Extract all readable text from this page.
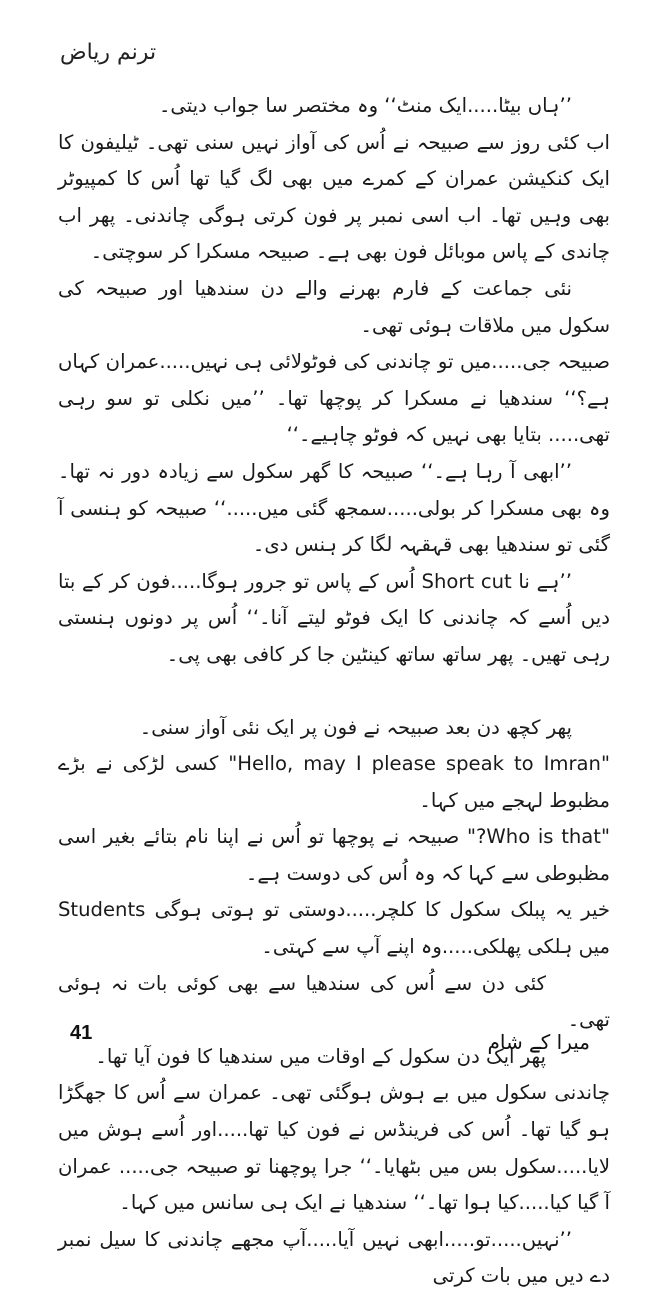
ترنم ریاض

’’ہاں بیٹا.....ایک منٹ‘‘ وہ مختصر سا جواب دیتی۔

اب کئی روز سے صبیحہ نے اُس کی آواز نہیں سنی تھی۔ ٹیلیفون کا ایک کنکیشن عمران کے کمرے میں بھی لگ گیا تھا اُس کا کمپیوٹر بھی وہیں تھا۔ اب اسی نمبر پر فون کرتی ہوگی چاندنی۔ پھر اب چاندی کے پاس موبائل فون بھی ہے۔ صبیحہ مسکرا کر سوچتی۔

نئی جماعت کے فارم بھرنے والے دن سندھیا اور صبیحہ کی سکول میں ملاقات ہوئی تھی۔

صبیحہ جی.....میں تو چاندنی کی فوٹولائی ہی نہیں.....عمران کہاں ہے؟‘‘ سندھیا نے مسکرا کر پوچھا تھا۔ ’’میں نکلی تو سو رہی تھی..... بتایا بھی نہیں کہ فوٹو چاہیے۔‘‘

’’ابھی آ رہا ہے۔‘‘ صبیحہ کا گھر سکول سے زیادہ دور نہ تھا۔ وہ بھی مسکرا کر بولی.....سمجھ گئی میں.....‘‘ صبیحہ کو ہنسی آ گئی تو سندھیا بھی قہقہہ لگا کر ہنس دی۔

’’ہے نا Short cut اُس کے پاس تو جرور ہوگا.....فون کر کے بتا دیں اُسے کہ چاندنی کا ایک فوٹو لیتے آنا۔‘‘ اُس پر دونوں ہنستی رہی تھیں۔ پھر ساتھ ساتھ کینٹین جا کر کافی بھی پی۔

پھر کچھ دن بعد صبیحہ نے فون پر ایک نئی آواز سنی۔

"Hello, may I please speak to Imran" کسی لڑکی نے بڑے مظبوط لہجے میں کہا۔

"Who is that?" صبیحہ نے پوچھا تو اُس نے اپنا نام بتائے بغیر اسی مظبوطی سے کہا کہ وہ اُس کی دوست ہے۔

خیر یہ پبلک سکول کا کلچر.....دوستی تو ہوتی ہوگی Students میں ہلکی پھلکی.....وہ اپنے آپ سے کہتی۔

کئی دن سے اُس کی سندھیا سے بھی کوئی بات نہ ہوئی تھی۔

پھر ایک دن سکول کے اوقات میں سندھیا کا فون آیا تھا۔

چاندنی سکول میں بے ہوش ہوگئی تھی۔ عمران سے اُس کا جھگڑا ہو گیا تھا۔ اُس کی فرینڈس نے فون کیا تھا.....اور اُسے ہوش میں لایا.....سکول بس میں بٹھایا۔‘‘ جرا پوچھنا تو صبیحہ جی..... عمران آ گیا کیا.....کیا ہوا تھا۔‘‘ سندھیا نے ایک ہی سانس میں کہا۔

’’نہیں.....تو.....ابھی نہیں آیا.....آپ مجھے چاندنی کا سیل نمبر دے دیں میں بات کرتی

41	میرا کے شام
